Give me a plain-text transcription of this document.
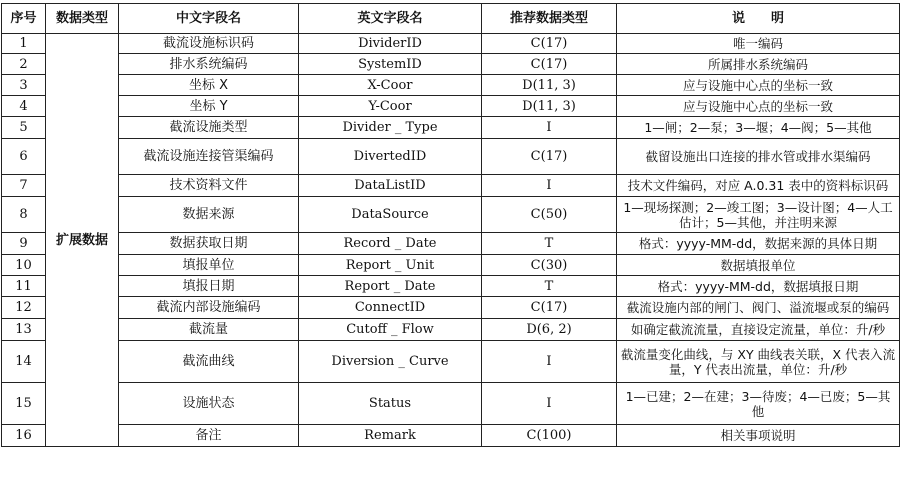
序号	数据类型	中文字段名	英文字段名	推荐数据类型	说　　明
1	扩展数据	截流设施标识码	DividerID	C(17)	唯一编码
2		排水系统编码	SystemID	C(17)	所属排水系统编码
3		坐标 X	X-Coor	D(11, 3)	应与设施中心点的坐标一致
4		坐标 Y	Y-Coor	D(11, 3)	应与设施中心点的坐标一致
5		截流设施类型	Divider _ Type	I	1—闸；2—泵；3—堰；4—阀；5—其他
6		截流设施连接管渠编码	DivertedID	C(17)	截留设施出口连接的排水管或排水渠编码
7		技术资料文件	DataListID	I	技术文件编码，对应 A.0.31 表中的资料标识码
8		数据来源	DataSource	C(50)	1—现场探测；2—竣工图；3—设计图；4—人工估计；5—其他，并注明来源
9		数据获取日期	Record _ Date	T	格式：yyyy-MM-dd，数据来源的具体日期
10		填报单位	Report _ Unit	C(30)	数据填报单位
11		填报日期	Report _ Date	T	格式：yyyy-MM-dd，数据填报日期
12		截流内部设施编码	ConnectID	C(17)	截流设施内部的闸门、阀门、溢流堰或泵的编码
13		截流量	Cutoff _ Flow	D(6, 2)	如确定截流流量，直接设定流量，单位：升/秒
14		截流曲线	Diversion _ Curve	I	截流量变化曲线，与 XY 曲线表关联，X 代表入流量，Y 代表出流量，单位：升/秒
15		设施状态	Status	I	1—已建；2—在建；3—待废；4—已废；5—其他
16		备注	Remark	C(100)	相关事项说明
